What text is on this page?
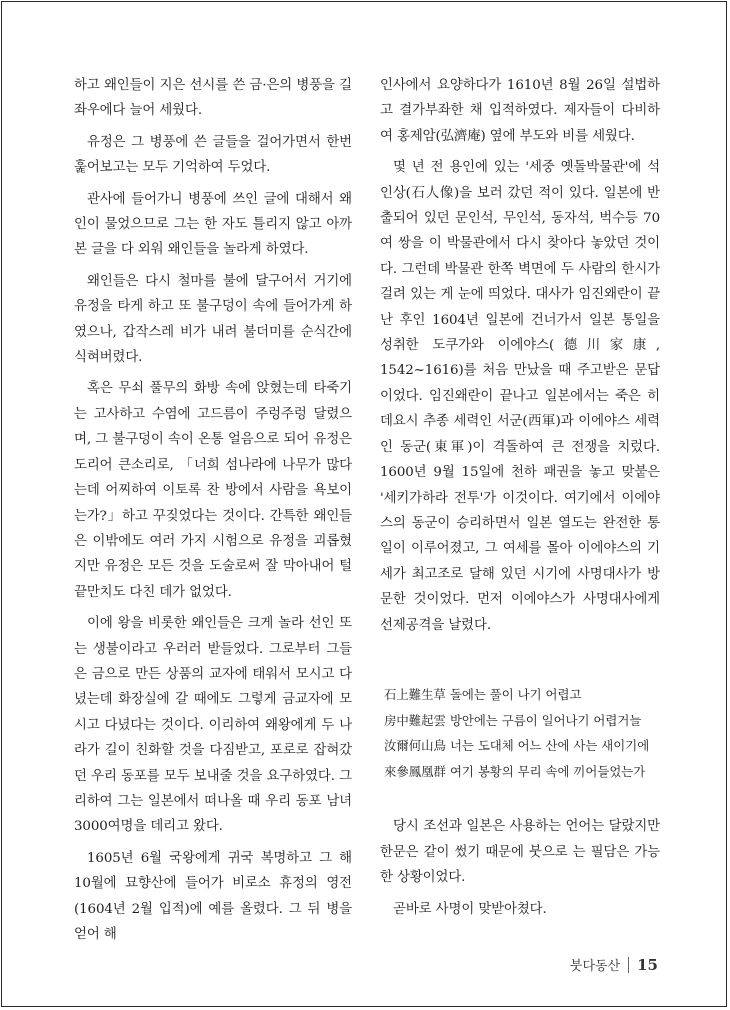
하고 왜인들이 지은 선시를 쓴 금·은의 병풍을 길 좌우에다 늘어 세웠다.

유정은 그 병풍에 쓴 글들을 걸어가면서 한번 훑어보고는 모두 기억하여 두었다.

관사에 들어가니 병풍에 쓰인 글에 대해서 왜인이 물었으므로 그는 한 자도 틀리지 않고 아까 본 글을 다 외워 왜인들을 놀라게 하였다.

왜인들은 다시 철마를 불에 달구어서 거기에 유정을 타게 하고 또 불구덩이 속에 들어가게 하였으나, 갑작스레 비가 내려 불더미를 순식간에 식혀버렸다.

혹은 무쇠 풀무의 화방 속에 앉혔는데 타죽기는 고사하고 수염에 고드름이 주렁주렁 달렸으며, 그 불구덩이 속이 온통 얼음으로 되어 유정은 도리어 큰소리로, 「너희 섬나라에 나무가 많다는데 어찌하여 이토록 찬 방에서 사람을 욕보이는가?」하고 꾸짖었다는 것이다. 간특한 왜인들은 이밖에도 여러 가지 시험으로 유정을 괴롭혔지만 유정은 모든 것을 도술로써 잘 막아내어 털끝만치도 다친 데가 없었다.

이에 왕을 비롯한 왜인들은 크게 놀라 선인 또는 생불이라고 우러러 받들었다. 그로부터 그들은 금으로 만든 상품의 교자에 태워서 모시고 다녔는데 화장실에 갈 때에도 그렇게 금교자에 모시고 다녔다는 것이다. 이리하여 왜왕에게 두 나라가 길이 친화할 것을 다짐받고, 포로로 잡혀갔던 우리 동포를 모두 보내줄 것을 요구하였다. 그리하여 그는 일본에서 떠나올 때 우리 동포 남녀 3000여명을 데리고 왔다.

1605년 6월 국왕에게 귀국 복명하고 그 해 10월에 묘향산에 들어가 비로소 휴정의 영전(1604년 2월 입적)에 예를 올렸다. 그 뒤 병을 얻어 해

인사에서 요양하다가 1610년 8월 26일 설법하고 결가부좌한 채 입적하였다. 제자들이 다비하여 홍제암(弘濟庵) 옆에 부도와 비를 세웠다.

몇 년 전 용인에 있는 '세중 옛돌박물관'에 석인상(石人像)을 보러 갔던 적이 있다. 일본에 반출되어 있던 문인석, 무인석, 동자석, 벅수등 70여 쌍을 이 박물관에서 다시 찾아다 놓았던 것이다. 그런데 박물관 한쪽 벽면에 두 사람의 한시가 걸려 있는 게 눈에 띄었다. 대사가 임진왜란이 끝난 후인 1604년 일본에 건너가서 일본 통일을 성취한 도쿠가와 이에야스(德川家康, 1542~1616)를 처음 만났을 때 주고받은 문답이었다. 임진왜란이 끝나고 일본에서는 죽은 히데요시 추종 세력인 서군(西軍)과 이에야스 세력인 동군(東軍)이 격돌하여 큰 전쟁을 치렀다. 1600년 9월 15일에 천하 패권을 놓고 맞붙은 '세키가하라 전투'가 이것이다. 여기에서 이에야스의 동군이 승리하면서 일본 열도는 완전한 통일이 이루어졌고, 그 여세를 몰아 이에야스의 기세가 최고조로 달해 있던 시기에 사명대사가 방문한 것이었다. 먼저 이에야스가 사명대사에게 선제공격을 날렸다.

石上難生草 돌에는 풀이 나기 어렵고
房中難起雲 방안에는 구름이 일어나기 어렵거늘
汝爾何山鳥 너는 도대체 어느 산에 사는 새이기에
來參鳳凰群 여기 봉황의 무리 속에 끼어들었는가

당시 조선과 일본은 사용하는 언어는 달랐지만 한문은 같이 썼기 때문에 붓으로 는 필담은 가능한 상황이었다.

곧바로 사명이 맞받아쳤다.

붓다동산 15
